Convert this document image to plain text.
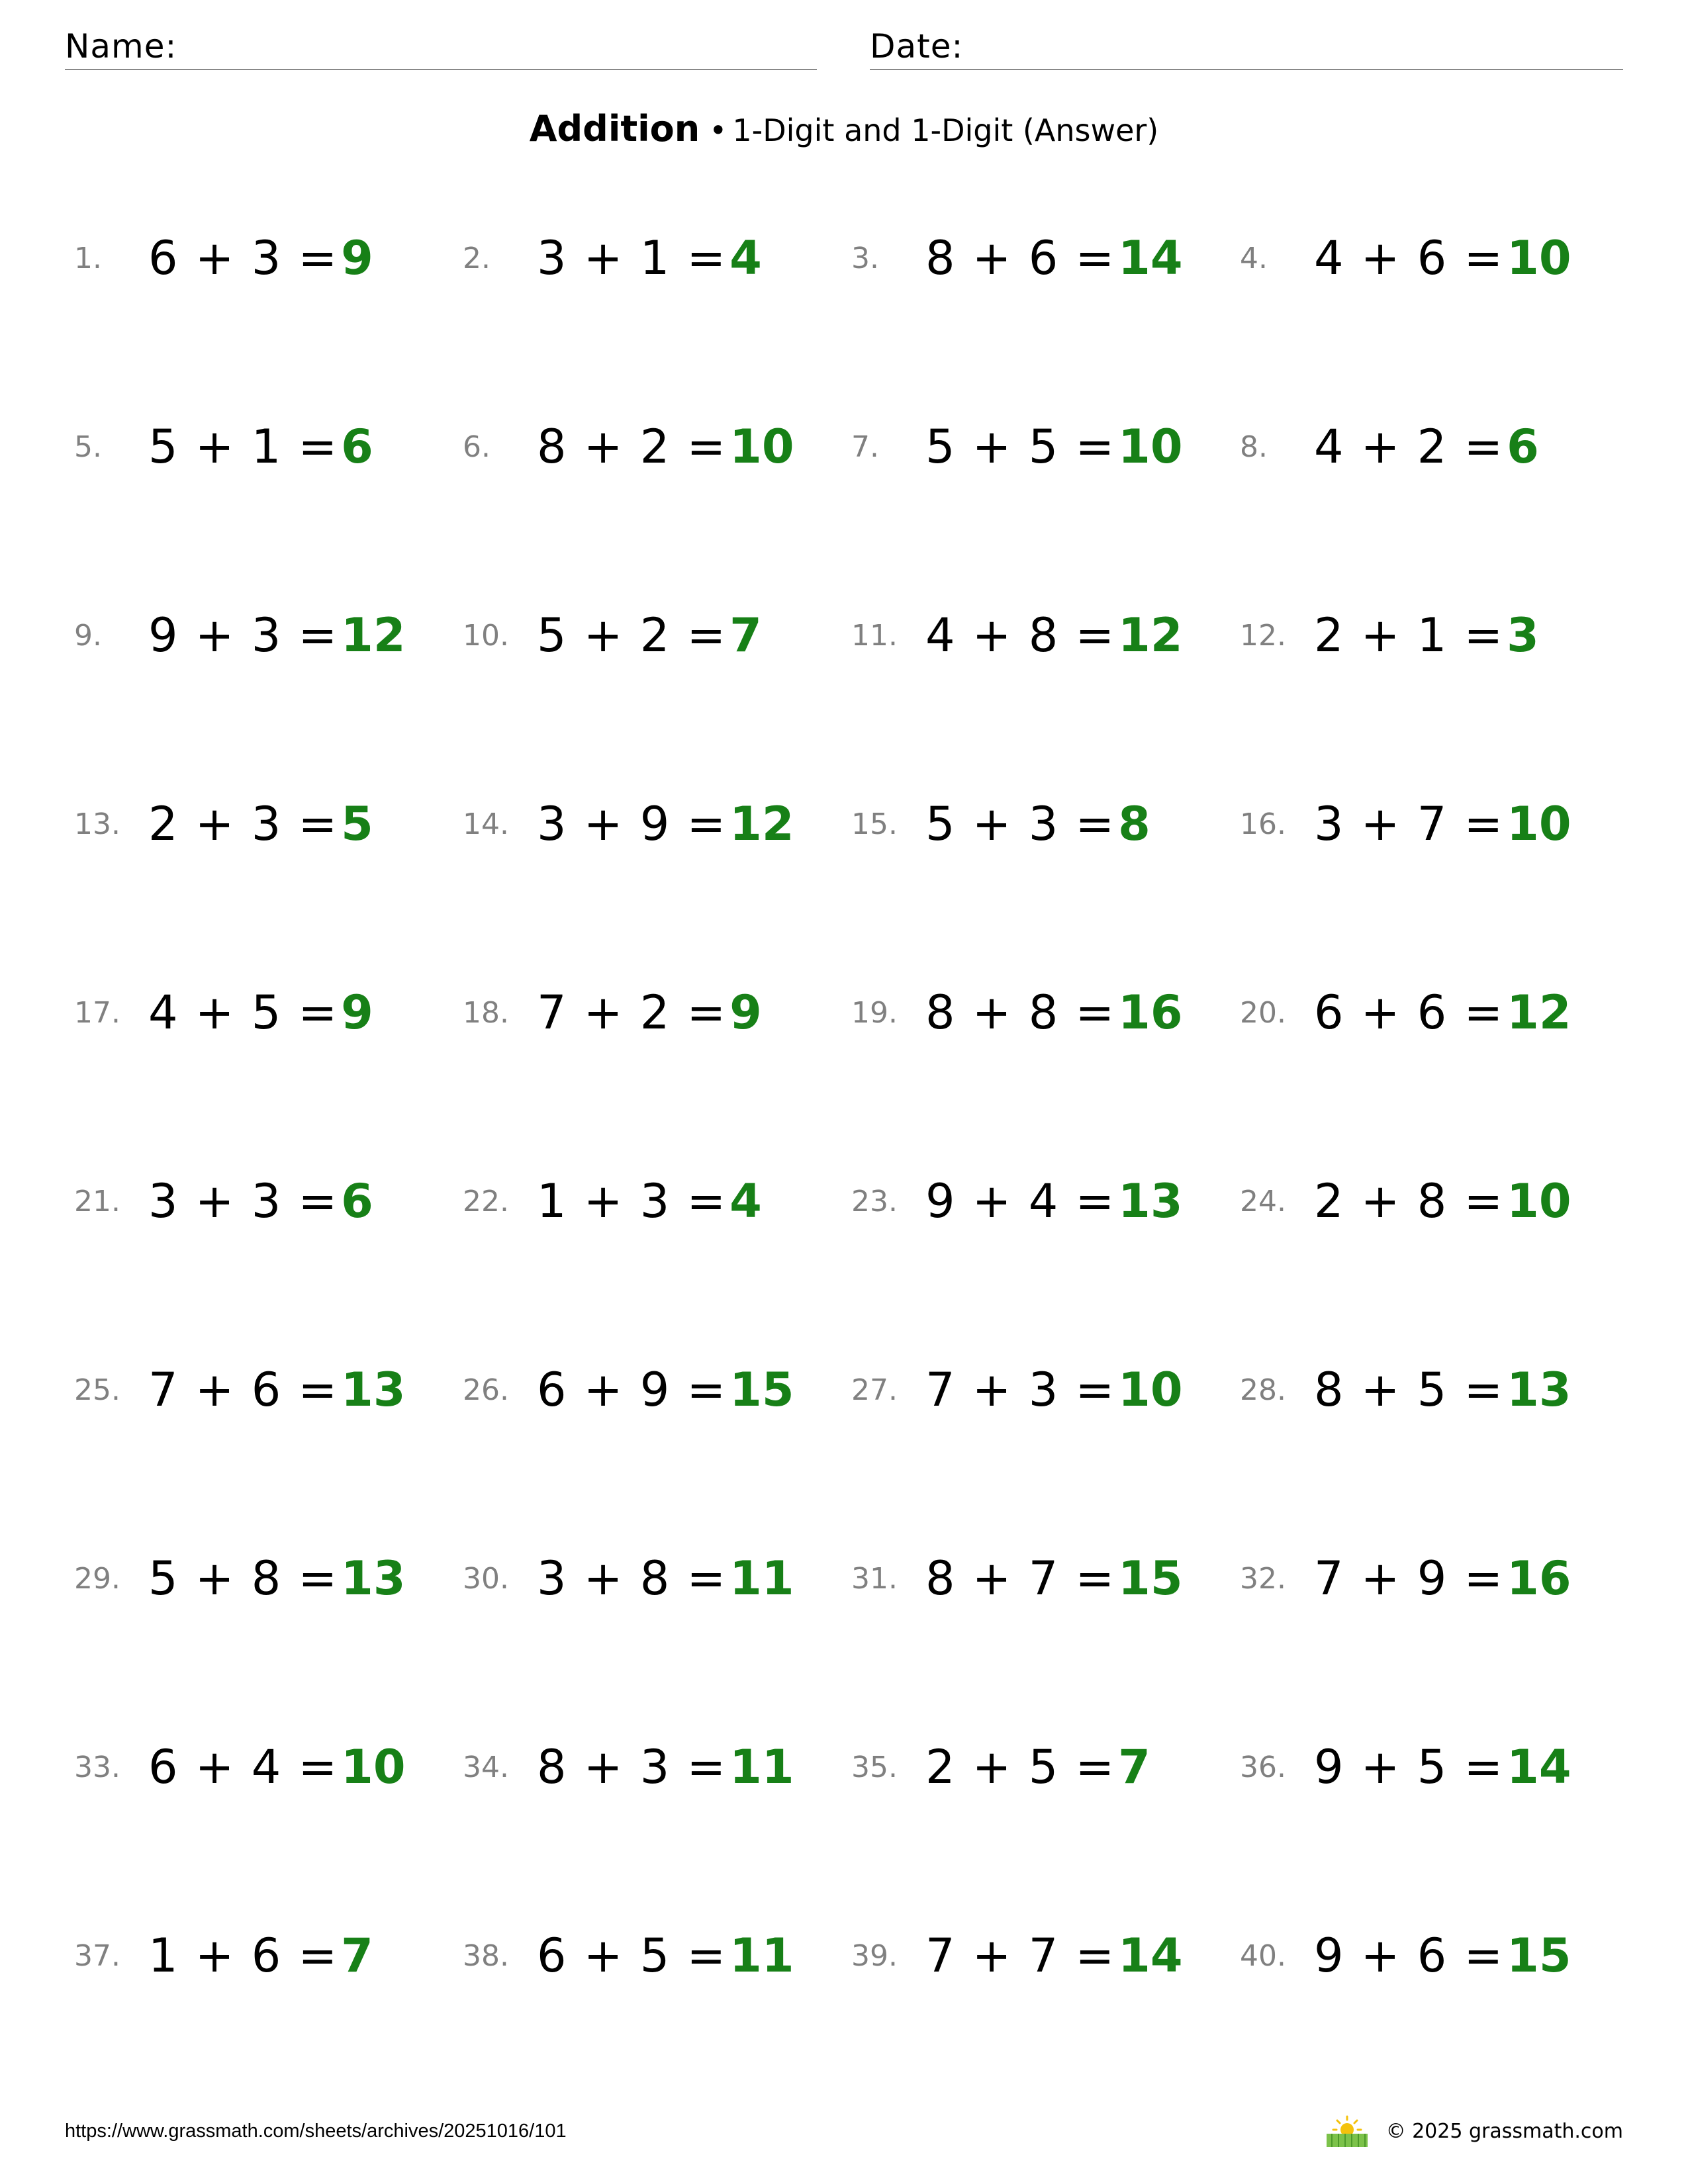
Name:	Date:
Addition • 1-Digit and 1-Digit (Answer)
1.	6 + 3 = 9	2.	3 + 1 = 4	3.	8 + 6 = 14 4.	4 + 6 = 10
5.	5 + 1 = 6	6.	8 + 2 = 10 7.	5 + 5 = 10 8.	4 + 2 = 6
9.	9 + 3 = 12 10. 5 + 2 = 7	11. 4 + 8 = 12 12. 2 + 1 = 3
13. 2 + 3 = 5	14. 3 + 9 = 12 15. 5 + 3 = 8	16. 3 + 7 = 10
17. 4 + 5 = 9	18. 7 + 2 = 9	19. 8 + 8 = 16 20. 6 + 6 = 12
21. 3 + 3 = 6	22. 1 + 3 = 4	23. 9 + 4 = 13 24. 2 + 8 = 10
25. 7 + 6 = 13 26. 6 + 9 = 15 27. 7 + 3 = 10 28. 8 + 5 = 13
29. 5 + 8 = 13 30. 3 + 8 = 11 31. 8 + 7 = 15 32. 7 + 9 = 16
33. 6 + 4 = 10 34. 8 + 3 = 11 35. 2 + 5 = 7	36. 9 + 5 = 14
37. 1 + 6 = 7	38. 6 + 5 = 11 39. 7 + 7 = 14 40. 9 + 6 = 15
https://www.grassmath.com/sheets/archives/20251016/101	© 2025 grassmath.com
